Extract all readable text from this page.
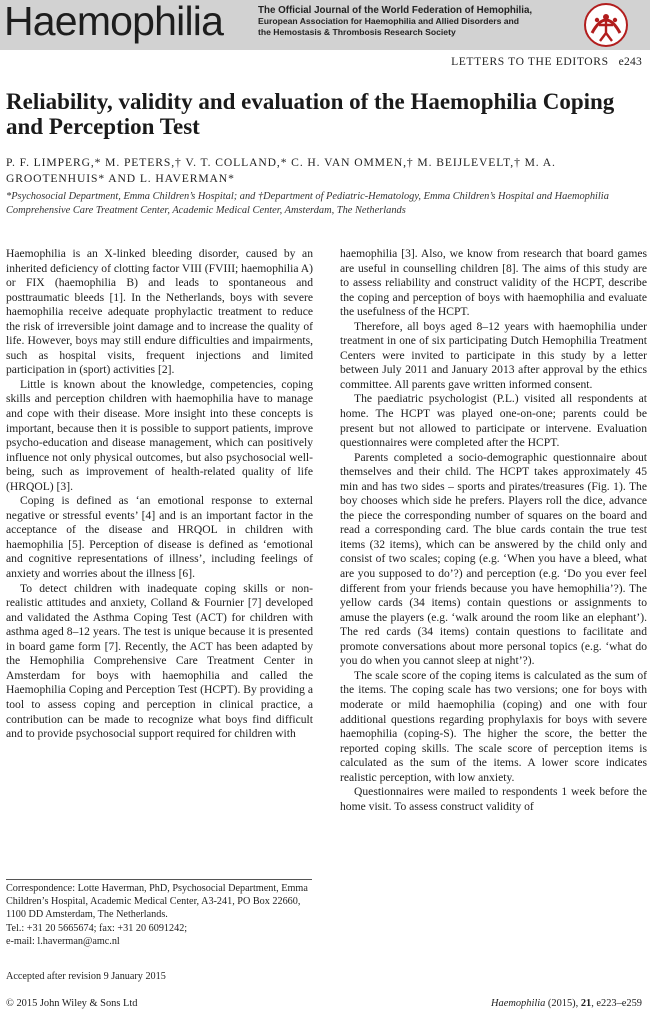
Haemophilia	The Official Journal of the World Federation of Hemophilia,
European Association for Haemophilia and Allied Disorders and
the Hemostasis & Thrombosis Research Society
LETTERS TO THE EDITORS e243
Reliability, validity and evaluation of the Haemophilia Coping and Perception Test
P. F. LIMPERG,* M. PETERS,† V. T. COLLAND,* C. H. VAN OMMEN,† M. BEIJLEVELT,† M. A. GROOTENHUIS* AND L. HAVERMAN*
*Psychosocial Department, Emma Children’s Hospital; and †Department of Pediatric-Hematology, Emma Children’s Hospital and Haemophilia Comprehensive Care Treatment Center, Academic Medical Center, Amsterdam, The Netherlands

Haemophilia is an X-linked bleeding disorder, caused by an inherited deficiency of clotting factor VIII (FVIII; haemophilia A) or FIX (haemophilia B) and leads to spontaneous and posttraumatic bleeds [1]. In the Netherlands, boys with severe haemophilia receive adequate prophylactic treatment to reduce the risk of irreversible joint damage and to increase the quality of life. However, boys may still endure difficulties and impairments, such as hospital visits, frequent injections and limited participation in (sport) activities [2].

Little is known about the knowledge, competencies, coping skills and perception children with haemophilia have to manage and cope with their disease. More insight into these concepts is important, because then it is possible to support patients, improve psycho-education and disease management, which can positively influence not only physical outcomes, but also psychosocial well-being, such as improvement of health-related quality of life (HRQOL) [3].

Coping is defined as ‘an emotional response to external negative or stressful events’ [4] and is an important factor in the acceptance of the disease and HRQOL in children with haemophilia [5]. Perception of disease is defined as ‘emotional and cognitive representations of illness’, including feelings of anxiety and worries about the illness [6].

To detect children with inadequate coping skills or non-realistic attitudes and anxiety, Colland & Fournier [7] developed and validated the Asthma Coping Test (ACT) for children with asthma aged 8–12 years. The test is unique because it is presented in board game form [7]. Recently, the ACT has been adapted by the Hemophilia Comprehensive Care Treatment Center in Amsterdam for boys with haemophilia and called the Haemophilia Coping and Perception Test (HCPT). By providing a tool to assess coping and perception in clinical practice, a contribution can be made to recognize what boys find difficult and to provide psychosocial support required for children with

haemophilia [3]. Also, we know from research that board games are useful in counselling children [8]. The aims of this study are to assess reliability and construct validity of the HCPT, describe the coping and perception of boys with haemophilia and evaluate the usefulness of the HCPT.

Therefore, all boys aged 8–12 years with haemophilia under treatment in one of six participating Dutch Hemophilia Treatment Centers were invited to participate in this study by a letter between July 2011 and January 2013 after approval by the ethics committee. All parents gave written informed consent.

The paediatric psychologist (P.L.) visited all respondents at home. The HCPT was played one-on-one; parents could be present but not allowed to participate or intervene. Evaluation questionnaires were completed after the HCPT.

Parents completed a socio-demographic questionnaire about themselves and their child. The HCPT takes approximately 45 min and has two sides – sports and pirates/treasures (Fig. 1). The boy chooses which side he prefers. Players roll the dice, advance the piece the corresponding number of squares on the board and read a corresponding card. The blue cards contain the true test items (32 items), which can be answered by the child only and consist of two scales; coping (e.g. ‘When you have a bleed, what are you supposed to do’?) and perception (e.g. ‘Do you ever feel different from your friends because you have hemophilia’?). The yellow cards (34 items) contain questions or assignments to amuse the players (e.g. ‘walk around the room like an elephant’). The red cards (34 items) contain questions to facilitate and promote conversations about more personal topics (e.g. ‘what do you do when you cannot sleep at night’?).

The scale score of the coping items is calculated as the sum of the items. The coping scale has two versions; one for boys with moderate or mild haemophilia (coping) and one with four additional questions regarding prophylaxis for boys with severe haemophilia (coping-S). The higher the score, the better the reported coping skills. The scale score of perception items is calculated as the sum of the items. A lower score indicates realistic perception, with low anxiety.

Questionnaires were mailed to respondents 1 week before the home visit. To assess construct validity of

Correspondence: Lotte Haverman, PhD, Psychosocial Department, Emma Children’s Hospital, Academic Medical Center, A3-241, PO Box 22660, 1100 DD Amsterdam, The Netherlands.

Tel.: +31 20 5665674; fax: +31 20 6091242;

e-mail: l.haverman@amc.nl

Accepted after revision 9 January 2015
© 2015 John Wiley & Sons Ltd	Haemophilia (2015), 21, e223–e259
